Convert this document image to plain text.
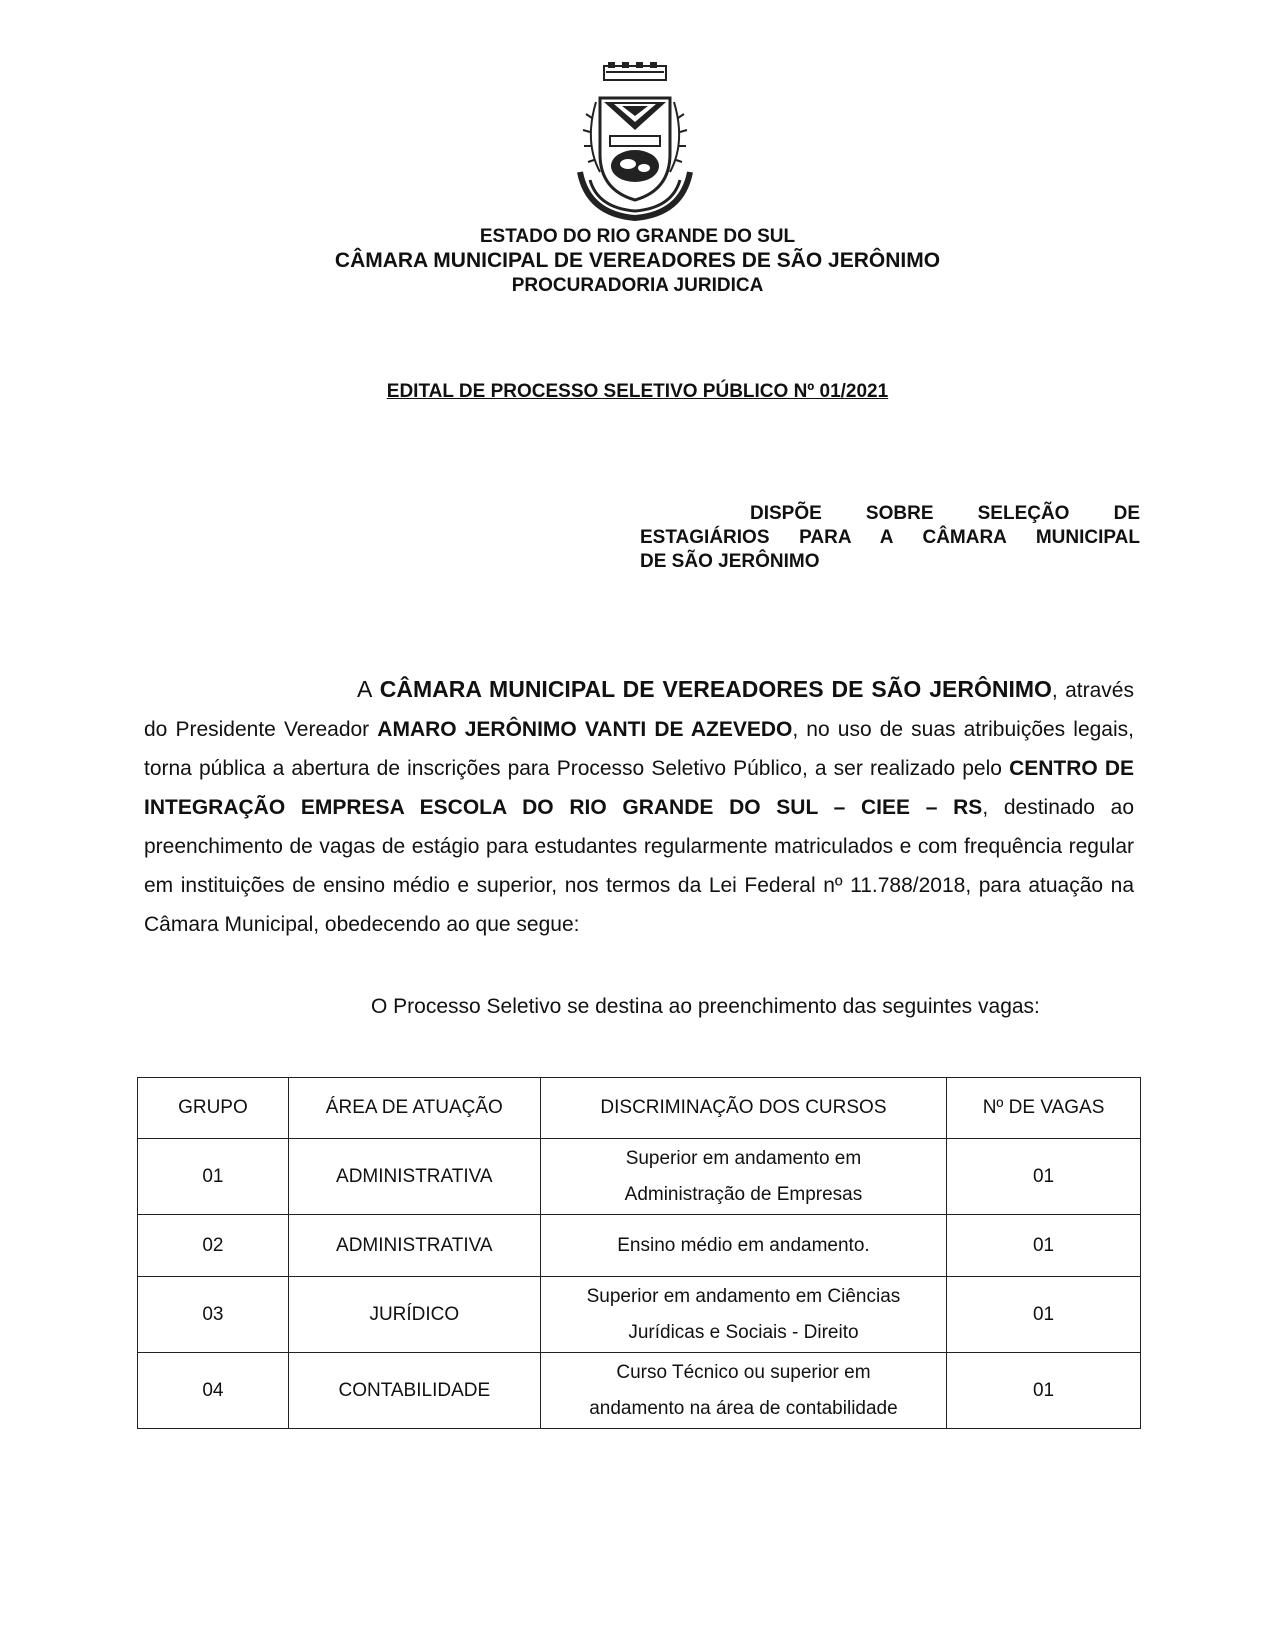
ESTADO DO RIO GRANDE DO SUL
CÂMARA MUNICIPAL DE VEREADORES DE SÃO JERÔNIMO
PROCURADORIA JURIDICA
EDITAL DE PROCESSO SELETIVO PÚBLICO Nº 01/2021
DISPÕE SOBRE SELEÇÃO DE
ESTAGIÁRIOS PARA A CÂMARA MUNICIPAL
DE SÃO JERÔNIMO
A CÂMARA MUNICIPAL DE VEREADORES DE SÃO JERÔNIMO, através do Presidente Vereador AMARO JERÔNIMO VANTI DE AZEVEDO, no uso de suas atribuições legais, torna pública a abertura de inscrições para Processo Seletivo Público, a ser realizado pelo CENTRO DE INTEGRAÇÃO EMPRESA ESCOLA DO RIO GRANDE DO SUL – CIEE – RS, destinado ao preenchimento de vagas de estágio para estudantes regularmente matriculados e com frequência regular em instituições de ensino médio e superior, nos termos da Lei Federal nº 11.788/2018, para atuação na Câmara Municipal, obedecendo ao que segue:
O Processo Seletivo se destina ao preenchimento das seguintes vagas:
GRUPO	ÁREA DE ATUAÇÃO	DISCRIMINAÇÃO DOS CURSOS	Nº DE VAGAS
01	ADMINISTRATIVA	Superior em andamento em
Administração de Empresas	01
02	ADMINISTRATIVA	Ensino médio em andamento.	01
03	JURÍDICO	Superior em andamento em Ciências
Jurídicas e Sociais - Direito	01
04	CONTABILIDADE	Curso Técnico ou superior em
andamento na área de contabilidade	01
